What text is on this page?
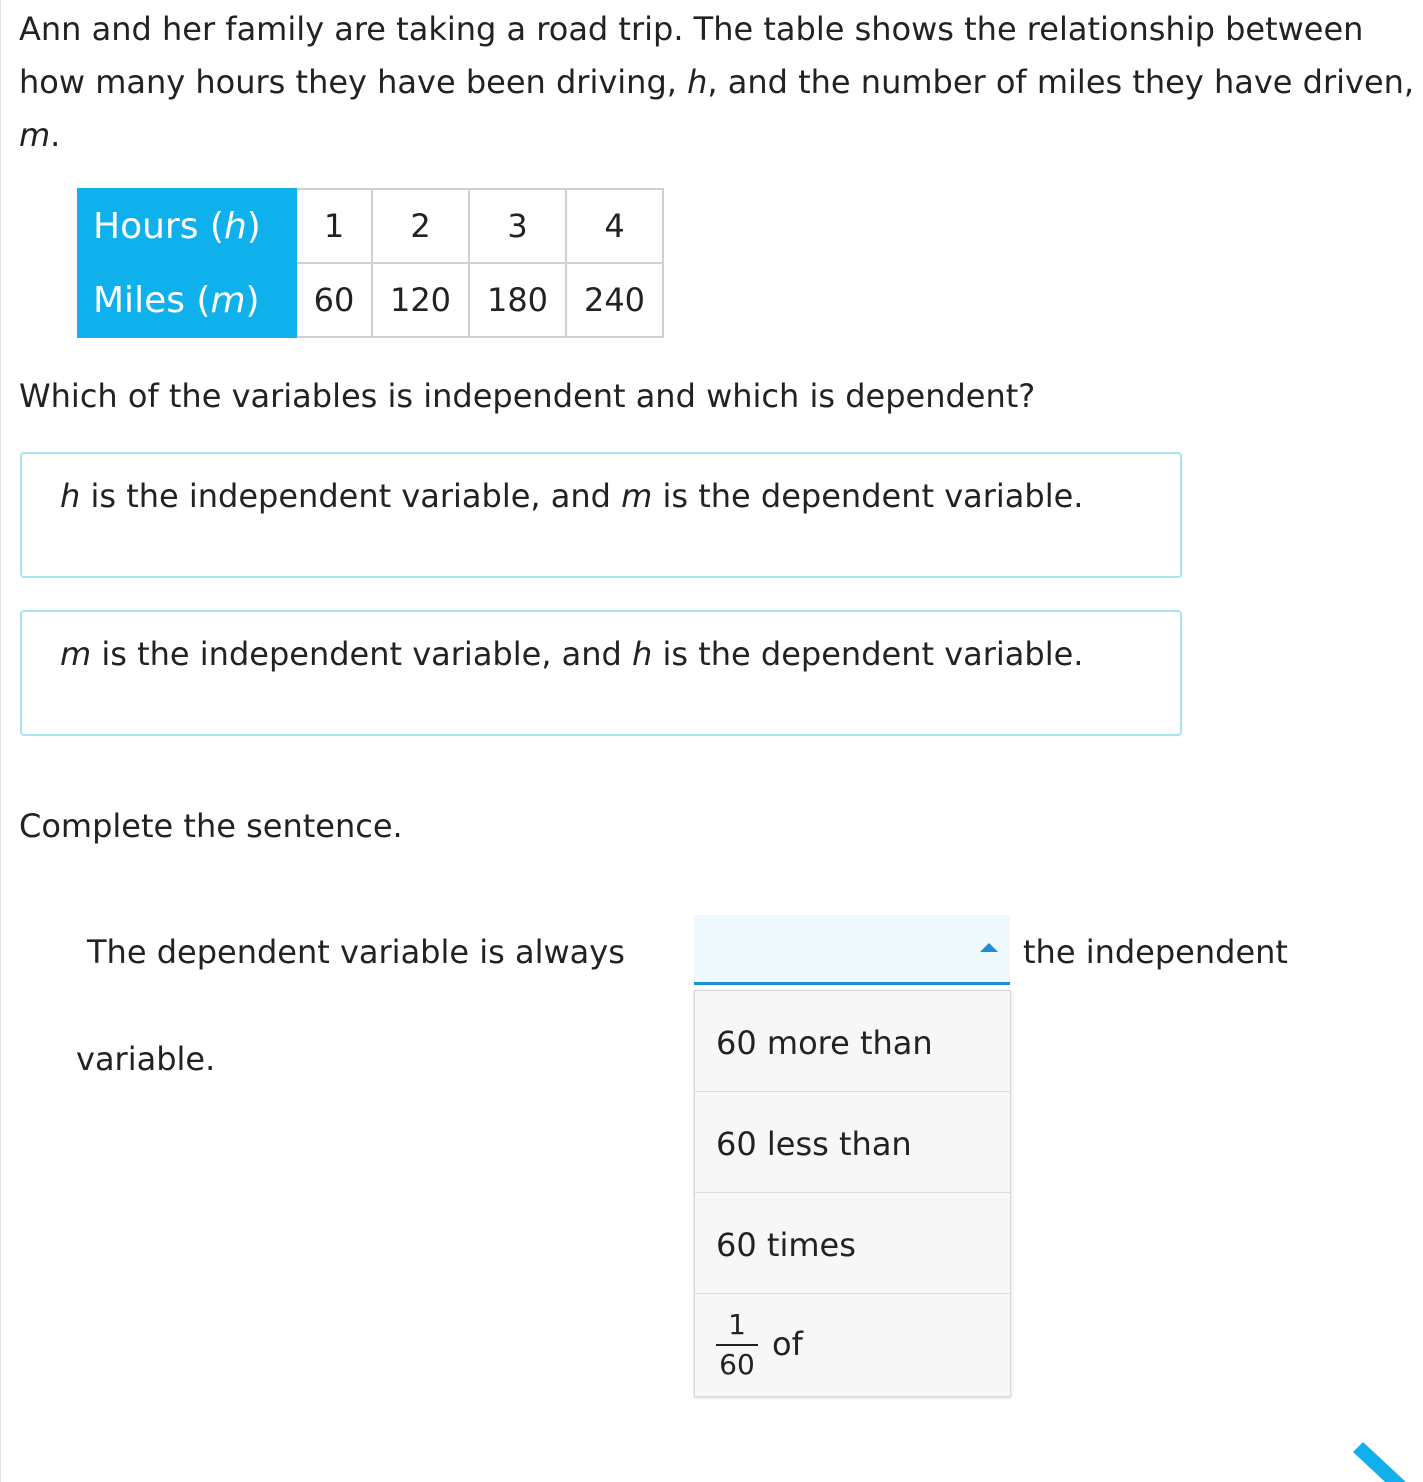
Ann and her family are taking a road trip. The table shows the relationship between how many hours they have been driving, h, and the number of miles they have driven, m.

Hours (h)	1	2	3	4
Miles (m)	60	120	180	240

Which of the variables is independent and which is dependent?

h is the independent variable, and m is the dependent variable.
m is the independent variable, and h is the dependent variable.

Complete the sentence.

The dependent variable is always	the independent
variable.	60 more than
60 less than
60 times
1
60
of
